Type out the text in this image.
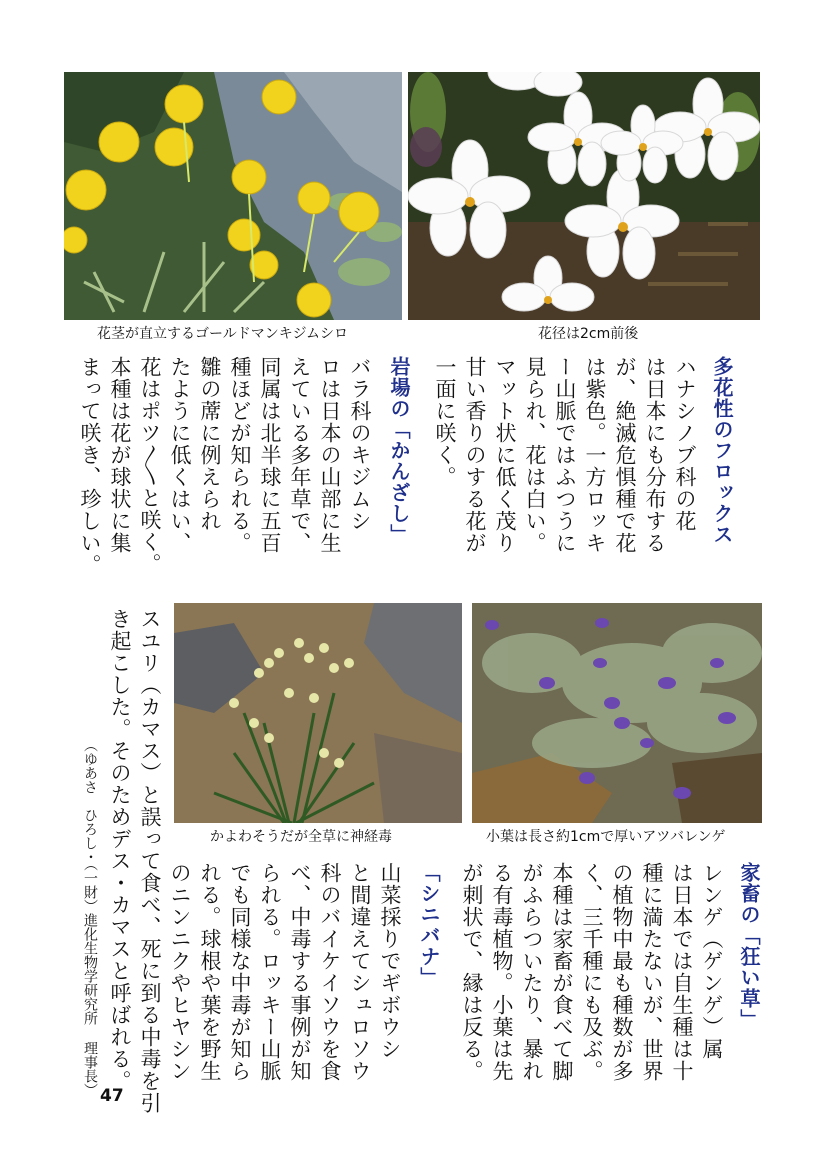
花茎が直立するゴールドマンキジムシロ	花径は2cm前後
多花性のフロックス
ハナシノブ科の花
は日本にも分布する
が、絶滅危惧種で花
は紫色。一方ロッキ
ー山脈ではふつうに
見られ、花は白い。
マット状に低く茂り
甘い香りのする花が
一面に咲く。
岩場の「かんざし」
バラ科のキジムシ
ロは日本の山部に生
えている多年草で、
同属は北半球に五百
種ほどが知られる。
雛の蓆に例えられ
たように低くはい、
花はポツ〳〵と咲く。
本種は花が球状に集
まって咲き、珍しい。
かよわそうだが全草に神経毒	小葉は長さ約1cmで厚いアツバレンゲ
家畜の「狂い草」
レンゲ（ゲンゲ）属
は日本では自生種は十
種に満たないが、世界
の植物中最も種数が多
く、三千種にも及ぶ。
本種は家畜が食べて脚
がふらついたり、暴れ
る有毒植物。小葉は先
が刺状で、縁は反る。
「シニバナ」
山菜採りでギボウシ
と間違えてシュロソウ
科のバイケイソウを食
べ、中毒する事例が知
られる。ロッキー山脈
でも同様な中毒が知ら
れる。球根や葉を野生
のニンニクやヒヤシン
スユリ（カマス）と誤って食べ、死に到る中毒を引
き起こした。そのためデス・カマスと呼ばれる。
（ゆあさ　ひろし・（一財）進化生物学研究所 理事長） 47
